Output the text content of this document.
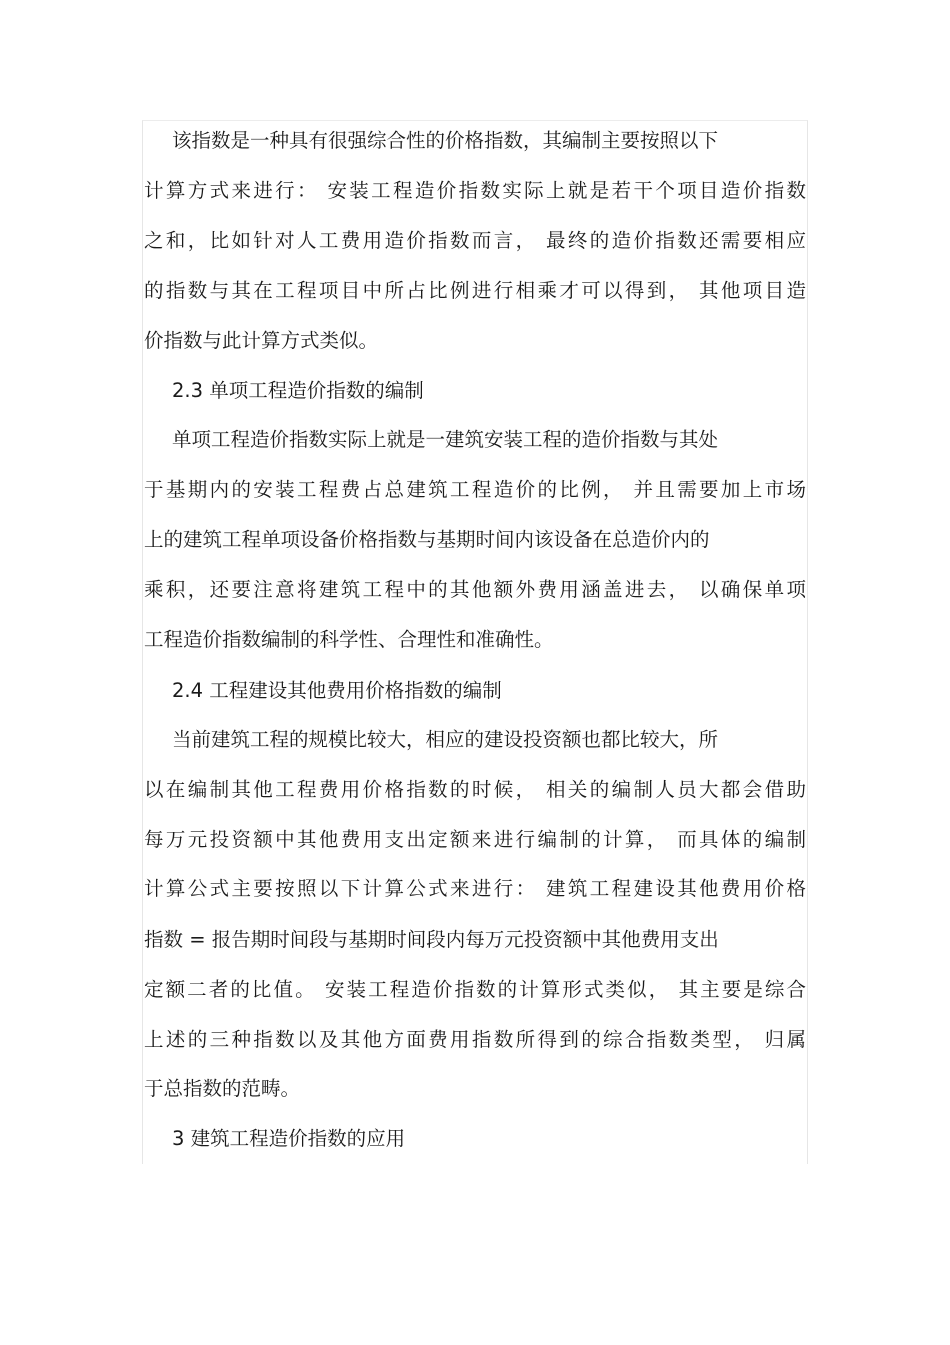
该指数是一种具有很强综合性的价格指数，其编制主要按照以下
计算方式来进行： 安装工程造价指数实际上就是若干个项目造价指数
之和，比如针对人工费用造价指数而言， 最终的造价指数还需要相应
的指数与其在工程项目中所占比例进行相乘才可以得到， 其他项目造
价指数与此计算方式类似。
2.3 单项工程造价指数的编制
单项工程造价指数实际上就是一建筑安装工程的造价指数与其处
于基期内的安装工程费占总建筑工程造价的比例， 并且需要加上市场
上的建筑工程单项设备价格指数与基期时间内该设备在总造价内的
乘积，还要注意将建筑工程中的其他额外费用涵盖进去， 以确保单项
工程造价指数编制的科学性、合理性和准确性。
2.4 工程建设其他费用价格指数的编制
当前建筑工程的规模比较大，相应的建设投资额也都比较大，所
以在编制其他工程费用价格指数的时候， 相关的编制人员大都会借助
每万元投资额中其他费用支出定额来进行编制的计算， 而具体的编制
计算公式主要按照以下计算公式来进行： 建筑工程建设其他费用价格
指数 = 报告期时间段与基期时间段内每万元投资额中其他费用支出
定额二者的比值。 安装工程造价指数的计算形式类似， 其主要是综合
上述的三种指数以及其他方面费用指数所得到的综合指数类型， 归属
于总指数的范畴。
3 建筑工程造价指数的应用
